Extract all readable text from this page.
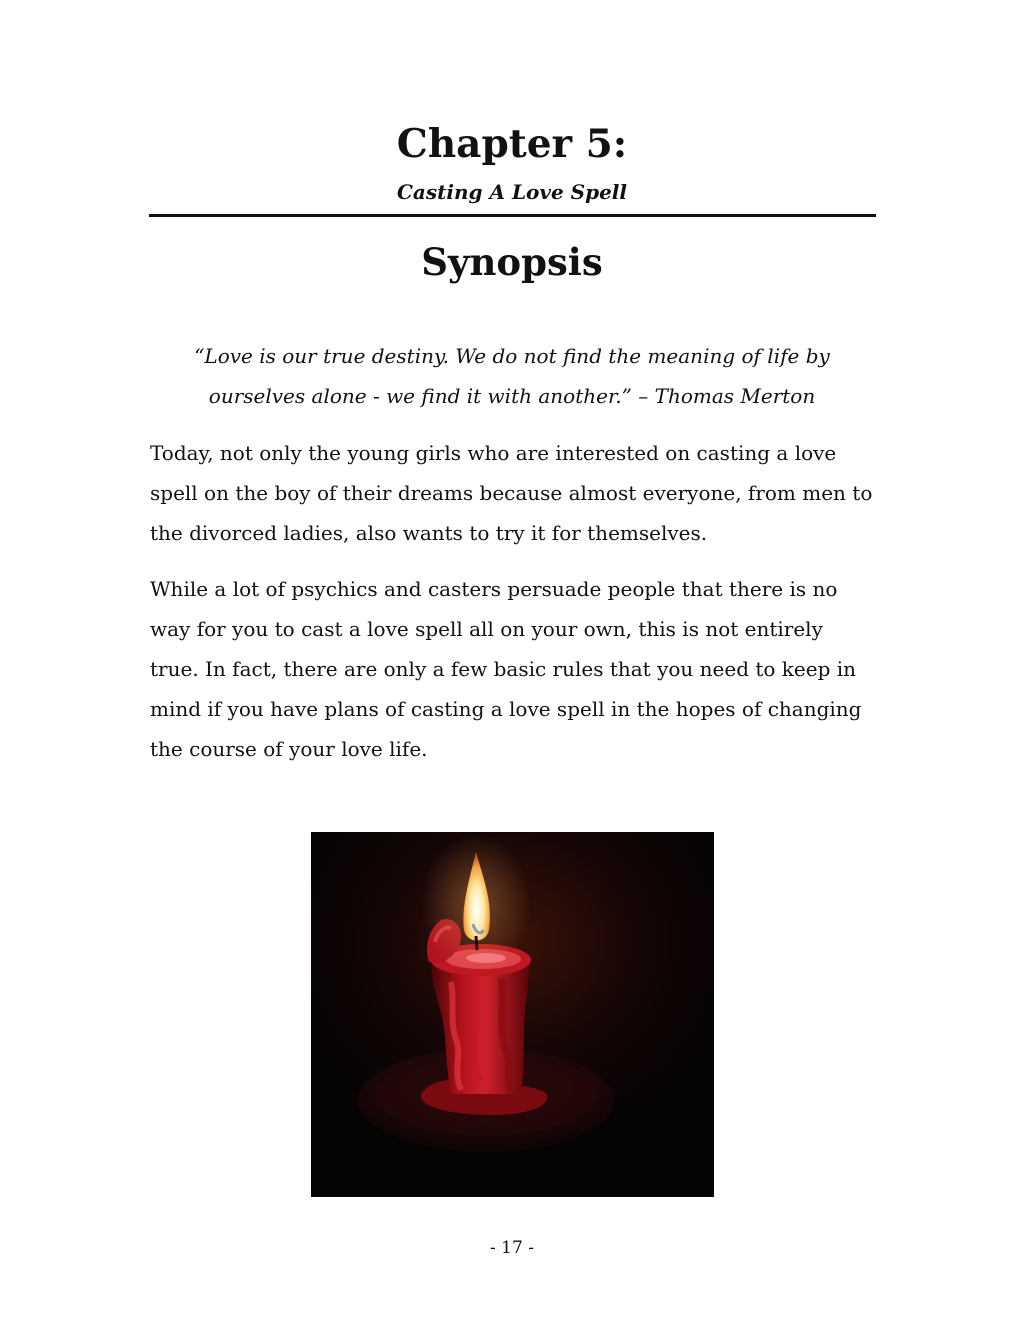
Chapter 5:
Casting A Love Spell
Synopsis

“Love is our true destiny. We do not find the meaning of life by ourselves alone - we find it with another.” – Thomas Merton

Today, not only the young girls who are interested on casting a love spell on the boy of their dreams because almost everyone, from men to the divorced ladies, also wants to try it for themselves.

While a lot of psychics and casters persuade people that there is no way for you to cast a love spell all on your own, this is not entirely true. In fact, there are only a few basic rules that you need to keep in mind if you have plans of casting a love spell in the hopes of changing the course of your love life.

- 17 -
